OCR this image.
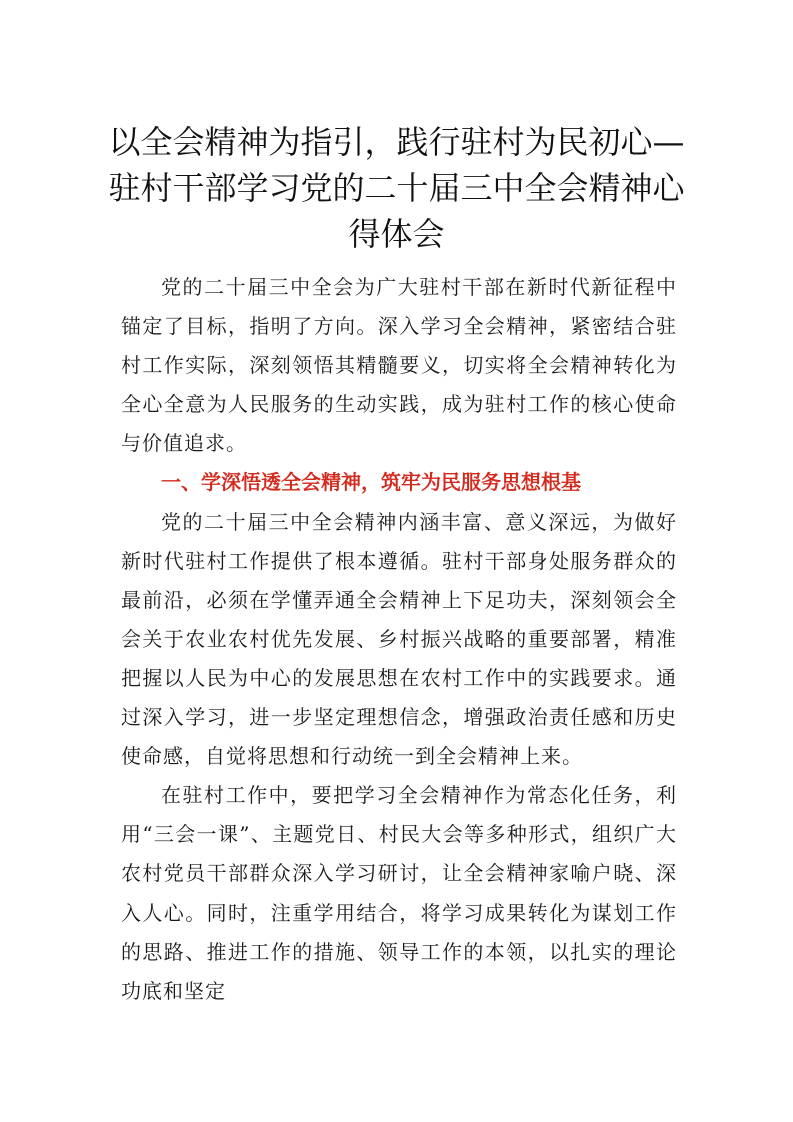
以全会精神为指引，践行驻村为民初心—驻村干部学习党的二十届三中全会精神心得体会

党的二十届三中全会为广大驻村干部在新时代新征程中锚定了目标，指明了方向。深入学习全会精神，紧密结合驻村工作实际，深刻领悟其精髓要义，切实将全会精神转化为全心全意为人民服务的生动实践，成为驻村工作的核心使命与价值追求。

一、学深悟透全会精神，筑牢为民服务思想根基

党的二十届三中全会精神内涵丰富、意义深远，为做好新时代驻村工作提供了根本遵循。驻村干部身处服务群众的最前沿，必须在学懂弄通全会精神上下足功夫，深刻领会全会关于农业农村优先发展、乡村振兴战略的重要部署，精准把握以人民为中心的发展思想在农村工作中的实践要求。通过深入学习，进一步坚定理想信念，增强政治责任感和历史使命感，自觉将思想和行动统一到全会精神上来。

在驻村工作中，要把学习全会精神作为常态化任务，利用“三会一课”、主题党日、村民大会等多种形式，组织广大农村党员干部群众深入学习研讨，让全会精神家喻户晓、深入人心。同时，注重学用结合，将学习成果转化为谋划工作的思路、推进工作的措施、领导工作的本领，以扎实的理论功底和坚定
